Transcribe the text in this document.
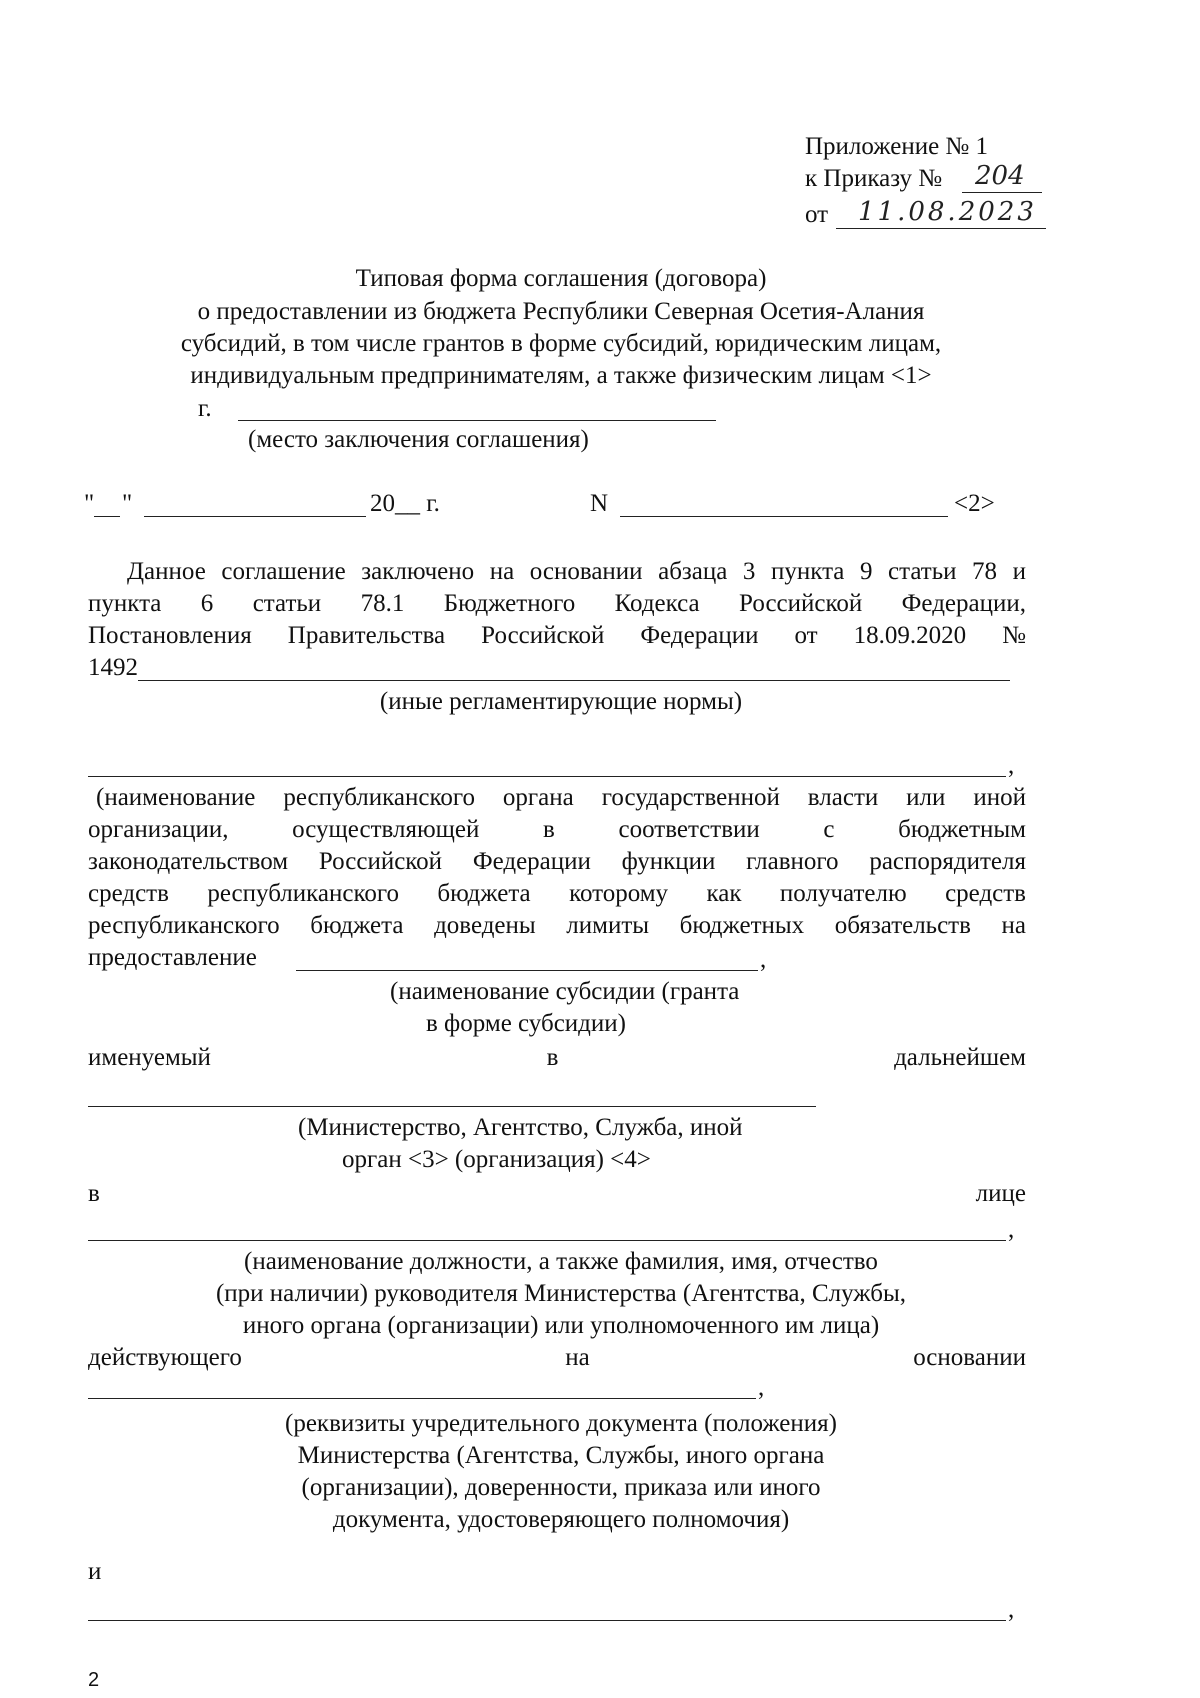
Приложение № 1
к Приказу № 204
от 11.08.2023
Типовая форма соглашения (договора)
о предоставлении из бюджета Республики Северная Осетия-Алания
субсидий, в том числе грантов в форме субсидий, юридическим лицам,
индивидуальным предпринимателям, а также физическим лицам <1>
г.
(место заключения соглашения)
" "	20__ г.	N	<2>
Данное соглашение заключено на основании абзаца 3 пункта 9 статьи 78 и
пункта 6 статьи 78.1 Бюджетного Кодекса Российской Федерации,
Постановления Правительства Российской Федерации от 18.09.2020 №
1492
(иные регламентирующие нормы)
,
(наименование республиканского органа государственной власти или иной
организации, осуществляющей в соответствии с бюджетным
законодательством Российской Федерации функции главного распорядителя
средств республиканского бюджета которому как получателю средств
республиканского бюджета доведены лимиты бюджетных обязательств на
предоставление	,
(наименование субсидии (гранта
в форме субсидии)
именуемый	в	дальнейшем
(Министерство, Агентство, Служба, иной
орган <3> (организация) <4>
в	лице
,
(наименование должности, а также фамилия, имя, отчество
(при наличии) руководителя Министерства (Агентства, Службы,
иного органа (организации) или уполномоченного им лица)
действующего	на	основании
,
(реквизиты учредительного документа (положения)
Министерства (Агентства, Службы, иного органа
(организации), доверенности, приказа или иного
документа, удостоверяющего полномочия)
и
,
2
